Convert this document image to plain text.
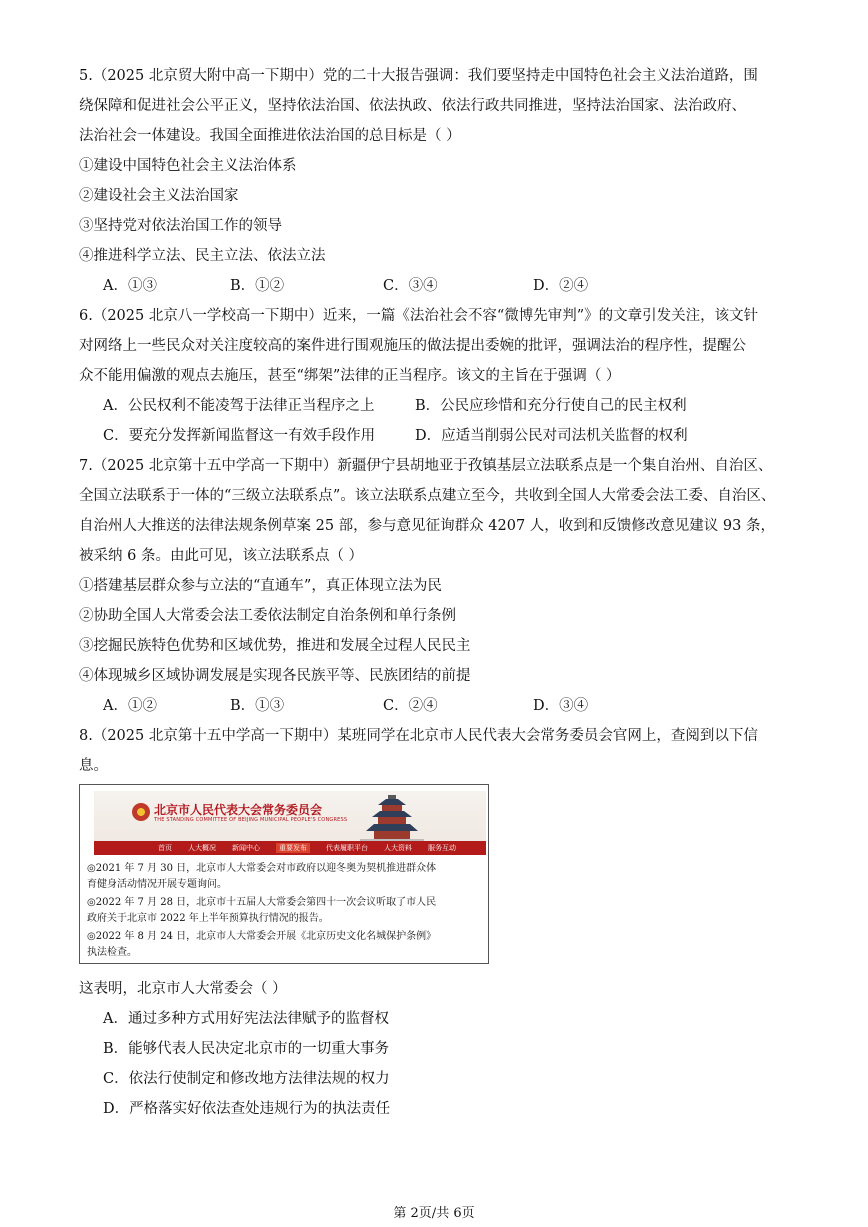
5.（2025 北京贸大附中高一下期中）党的二十大报告强调：我们要坚持走中国特色社会主义法治道路，围
绕保障和促进社会公平正义，坚持依法治国、依法执政、依法行政共同推进，坚持法治国家、法治政府、
法治社会一体建设。我国全面推进依法治国的总目标是（ ）
①建设中国特色社会主义法治体系
②建设社会主义法治国家
③坚持党对依法治国工作的领导
④推进科学立法、民主立法、依法立法
A．①③	B．①②	C．③④	D．②④
6.（2025 北京八一学校高一下期中）近来，一篇《法治社会不容“微博先审判”》的文章引发关注，该文针
对网络上一些民众对关注度较高的案件进行围观施压的做法提出委婉的批评，强调法治的程序性，提醒公
众不能用偏激的观点去施压，甚至“绑架”法律的正当程序。该文的主旨在于强调（ ）
A．公民权利不能凌驾于法律正当程序之上	B．公民应珍惜和充分行使自己的民主权利
C．要充分发挥新闻监督这一有效手段作用	D．应适当削弱公民对司法机关监督的权利
7.（2025 北京第十五中学高一下期中）新疆伊宁县胡地亚于孜镇基层立法联系点是一个集自治州、自治区、
全国立法联系于一体的“三级立法联系点”。该立法联系点建立至今，共收到全国人大常委会法工委、自治区、
自治州人大推送的法律法规条例草案 25 部，参与意见征询群众 4207 人，收到和反馈修改意见建议 93 条，
被采纳 6 条。由此可见，该立法联系点（ ）
①搭建基层群众参与立法的“直通车”，真正体现立法为民
②协助全国人大常委会法工委依法制定自治条例和单行条例
③挖掘民族特色优势和区域优势，推进和发展全过程人民民主
④体现城乡区域协调发展是实现各民族平等、民族团结的前提
A．①②	B．①③	C．②④	D．③④
8.（2025 北京第十五中学高一下期中）某班同学在北京市人民代表大会常务委员会官网上，查阅到以下信
息。
北京市人民代表大会常务委员会
THE STANDING COMMITTEE OF BEIJING MUNICIPAL PEOPLE'S CONGRESS
首页 人大概况 新闻中心	重要发布	代表履职平台 人大资料 服务互动
◎2021 年 7 月 30 日，北京市人大常委会对市政府以迎冬奥为契机推进群众体
育健身活动情况开展专题询问。
◎2022 年 7 月 28 日，北京市十五届人大常委会第四十一次会议听取了市人民
政府关于北京市 2022 年上半年预算执行情况的报告。
◎2022 年 8 月 24 日，北京市人大常委会开展《北京历史文化名城保护条例》
执法检查。
这表明，北京市人大常委会（ ）
A．通过多种方式用好宪法法律赋予的监督权
B．能够代表人民决定北京市的一切重大事务
C．依法行使制定和修改地方法律法规的权力
D．严格落实好依法查处违规行为的执法责任
第 2页/共 6页
